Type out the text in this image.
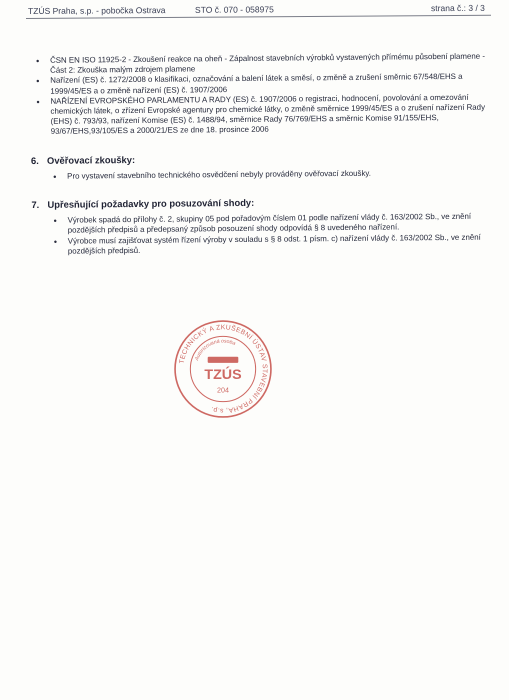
TZÚS Praha, s.p. - pobočka Ostrava	STO č. 070 - 058975	strana č.: 3 / 3
• ČSN EN ISO 11925-2 - Zkoušení reakce na oheň - Zápalnost stavebních výrobků vystavených přímému působení plamene - Část 2: Zkouška malým zdrojem plamene
• Nařízení (ES) č. 1272/2008 o klasifikaci, označování a balení látek a směsí, o změně a zrušení směrnic 67/548/EHS a 1999/45/ES a o změně nařízení (ES) č. 1907/2006
• NAŘÍZENÍ EVROPSKÉHO PARLAMENTU A RADY (ES) č. 1907/2006 o registraci, hodnocení, povolování a omezování chemických látek, o zřízení Evropské agentury pro chemické látky, o změně směrnice 1999/45/ES a o zrušení nařízení Rady (EHS) č. 793/93, nařízení Komise (ES) č. 1488/94, směrnice Rady 76/769/EHS a směrnic Komise 91/155/EHS, 93/67/EHS,93/105/ES a 2000/21/ES ze dne 18. prosince 2006
6. Ověřovací zkoušky:
• Pro vystavení stavebního technického osvědčení nebyly prováděny ověřovací zkoušky.
7. Upřesňující požadavky pro posuzování shody:
• Výrobek spadá do přílohy č. 2, skupiny 05 pod pořadovým číslem 01 podle nařízení vlády č. 163/2002 Sb., ve znění pozdějších předpisů a předepsaný způsob posouzení shody odpovídá § 8 uvedeného nařízení.
• Výrobce musí zajišťovat systém řízení výroby v souladu s § 8 odst. 1 písm. c) nařízení vlády č. 163/2002 Sb., ve znění pozdějších předpisů.
TECHNICKÝ A ZKUŠEBNÍ ÚSTAV STAVEBNÍ PRAHA, s.p.
Autorizovaná osoba
TZÚS
204
